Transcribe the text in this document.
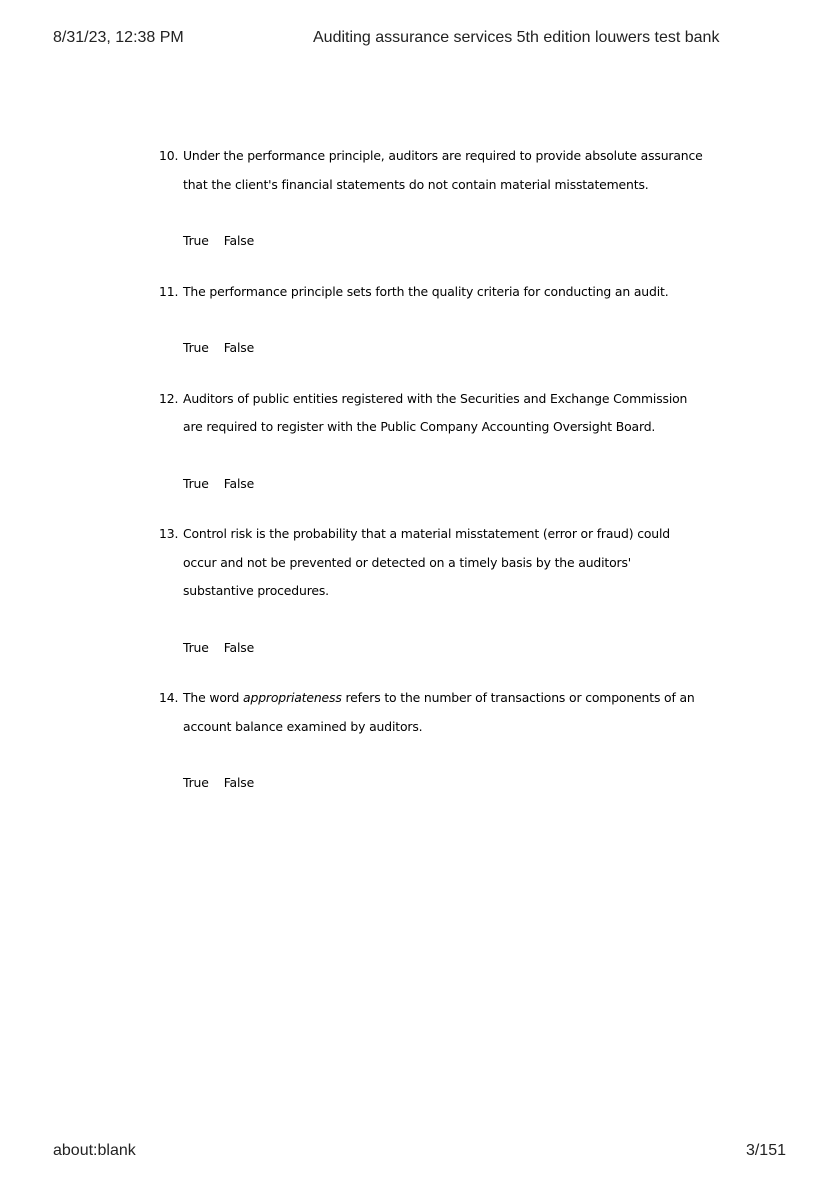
8/31/23, 12:38 PM	Auditing assurance services 5th edition louwers test bank
10. Under the performance principle, auditors are required to provide absolute assurance that the client's financial statements do not contain material misstatements.
True False
11. The performance principle sets forth the quality criteria for conducting an audit.
True False
12. Auditors of public entities registered with the Securities and Exchange Commission are required to register with the Public Company Accounting Oversight Board.
True False
13. Control risk is the probability that a material misstatement (error or fraud) could occur and not be prevented or detected on a timely basis by the auditors' substantive procedures.
True False
14. The word appropriateness refers to the number of transactions or components of an account balance examined by auditors.
True False
about:blank	3/151
